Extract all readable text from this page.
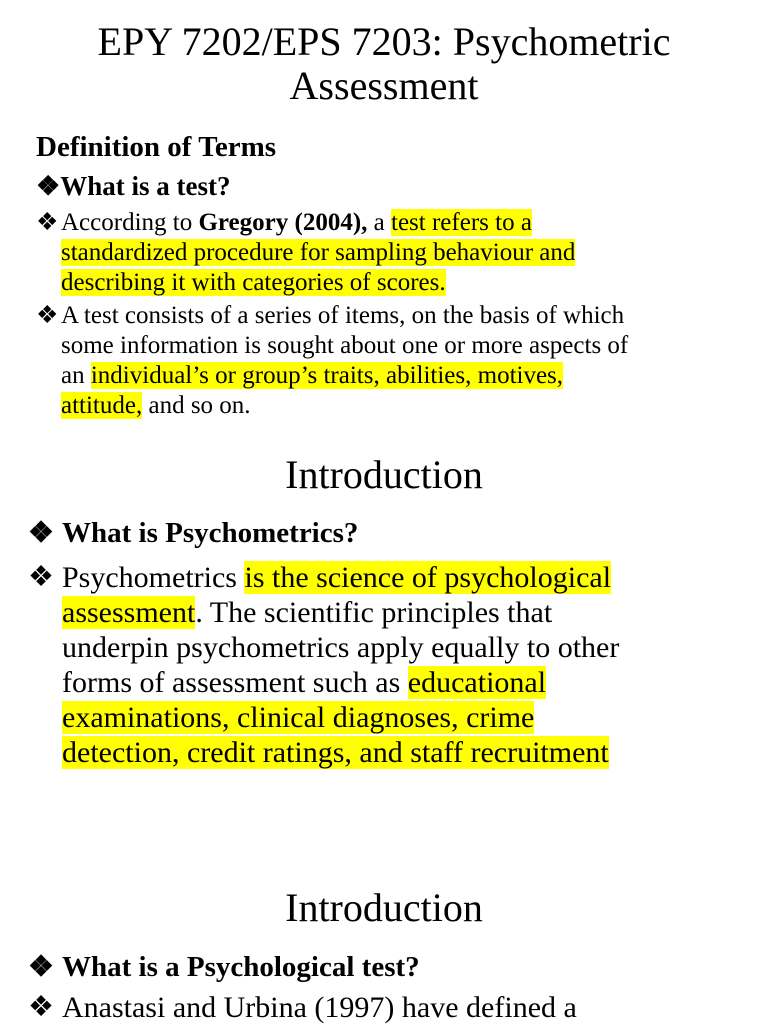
EPY 7202/EPS 7203: Psychometric
Assessment
Definition of Terms
❖ What is a test?
❖ According to Gregory (2004), a test refers to a
standardized procedure for sampling behaviour and
describing it with categories of scores.
❖ A test consists of a series of items, on the basis of which
some information is sought about one or more aspects of
an individual’s or group’s traits, abilities, motives,
attitude, and so on.
Introduction
❖ What is Psychometrics?
❖ Psychometrics is the science of psychological
assessment. The scientific principles that
underpin psychometrics apply equally to other
forms of assessment such as educational
examinations, clinical diagnoses, crime
detection, credit ratings, and staff recruitment
Introduction
❖ What is a Psychological test?
❖ Anastasi and Urbina (1997) have defined a
